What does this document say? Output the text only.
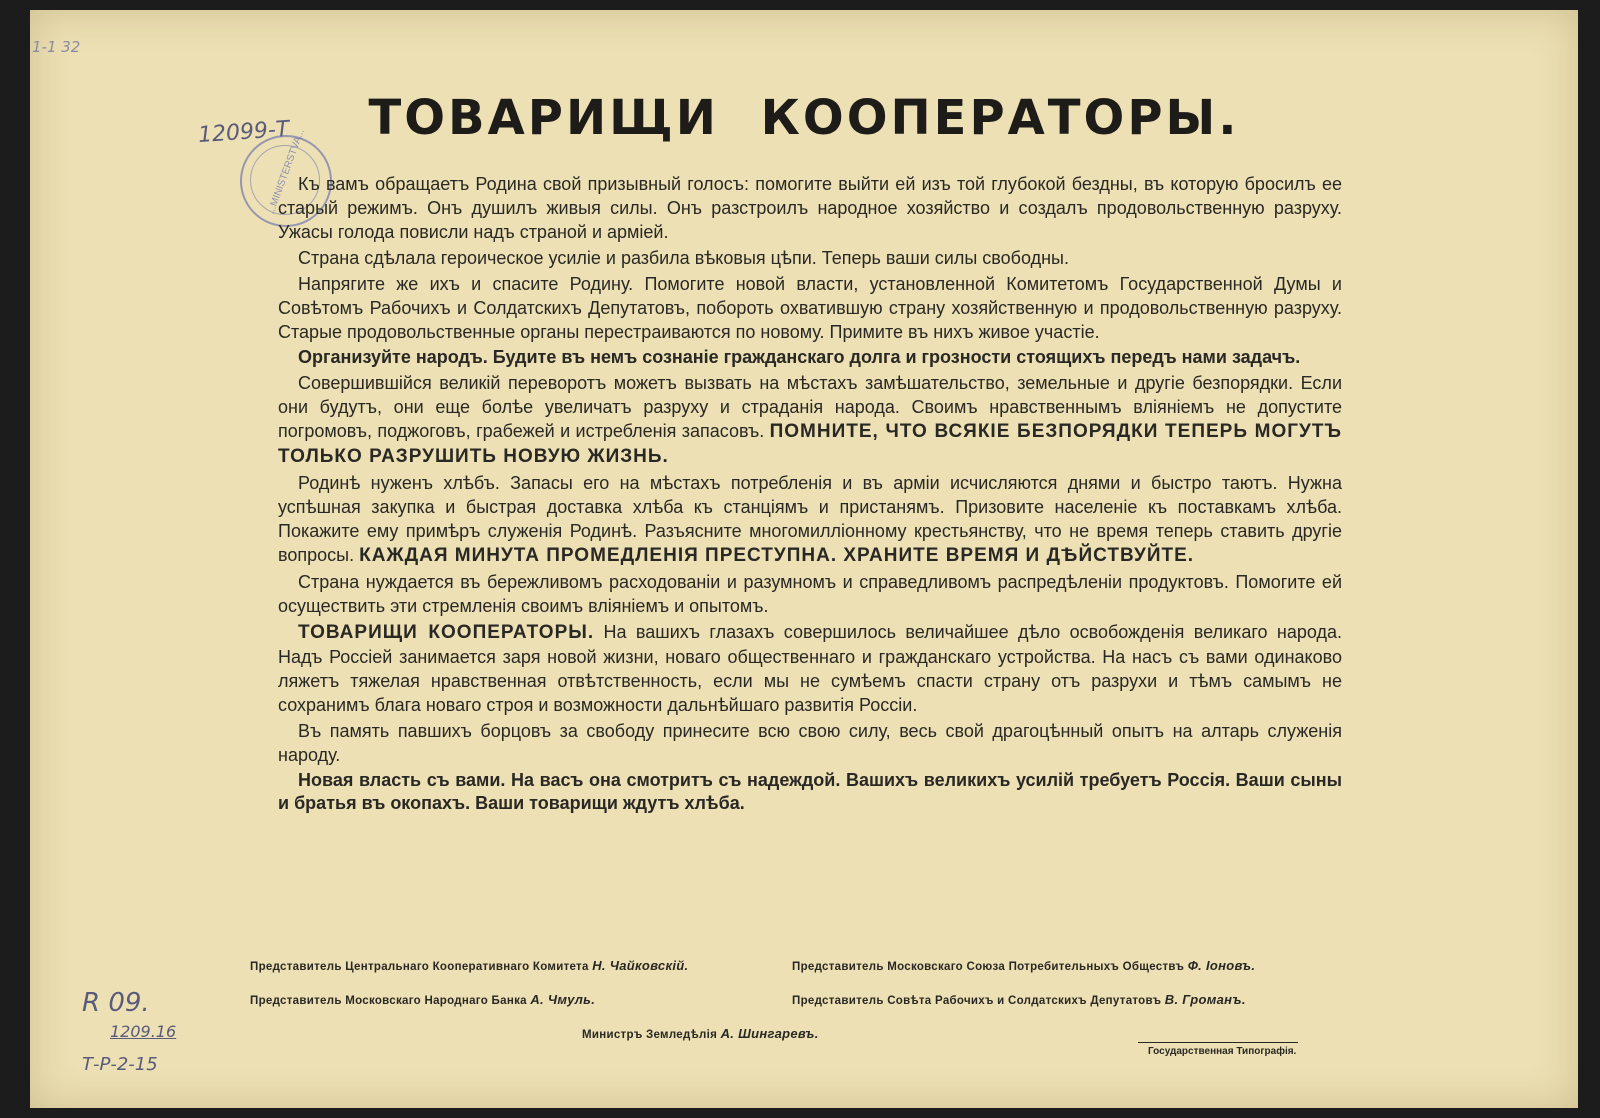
1-1 32
12099-Т
...MINISTERSTVA...
ТОВАРИЩИ КООПЕРАТОРЫ.

Къ вамъ обращаетъ Родина свой призывный голосъ: помогите выйти ей изъ той глубокой бездны, въ которую бросилъ ее старый режимъ. Онъ душилъ живыя силы. Онъ разстроилъ народное хозяйство и создалъ продовольственную разруху. Ужасы голода повисли надъ страной и арміей.

Страна сдѣлала героическое усиліе и разбила вѣковыя цѣпи. Теперь ваши силы свободны.

Напрягите же ихъ и спасите Родину. Помогите новой власти, установленной Комитетомъ Государственной Думы и Совѣтомъ Рабочихъ и Солдатскихъ Депутатовъ, побороть охватившую страну хозяйственную и продовольственную разруху. Старые продовольственные органы перестраиваются по новому. Примите въ нихъ живое участіе.

Организуйте народъ. Будите въ немъ сознаніе гражданскаго долга и грозности стоящихъ передъ нами задачъ.

Совершившійся великій переворотъ можетъ вызвать на мѣстахъ замѣшательство, земельные и другіе безпорядки. Если они будутъ, они еще болѣе увеличатъ разруху и страданія народа. Своимъ нравственнымъ вліяніемъ не допустите погромовъ, поджоговъ, грабежей и истребленія запасовъ. ПОМНИТЕ, ЧТО ВСЯКІЕ БЕЗПОРЯДКИ ТЕПЕРЬ МОГУТЪ ТОЛЬКО РАЗРУШИТЬ НОВУЮ ЖИЗНЬ.

Родинѣ нуженъ хлѣбъ. Запасы его на мѣстахъ потребленія и въ арміи исчисляются днями и быстро таютъ. Нужна успѣшная закупка и быстрая доставка хлѣба къ станціямъ и пристанямъ. Призовите населеніе къ поставкамъ хлѣба. Покажите ему примѣръ служенія Родинѣ. Разъясните многомилліонному крестьянству, что не время теперь ставить другіе вопросы. КАЖДАЯ МИНУТА ПРОМЕДЛЕНІЯ ПРЕСТУПНА. ХРАНИТЕ ВРЕМЯ И ДѢЙСТВУЙТЕ.

Страна нуждается въ бережливомъ расходованіи и разумномъ и справедливомъ распредѣленіи продуктовъ. Помогите ей осуществить эти стремленія своимъ вліяніемъ и опытомъ.

ТОВАРИЩИ КООПЕРАТОРЫ. На вашихъ глазахъ совершилось величайшее дѣло освобожденія великаго народа. Надъ Россіей занимается заря новой жизни, новаго общественнаго и гражданскаго устройства. На насъ съ вами одинаково ляжетъ тяжелая нравственная отвѣтственность, если мы не сумѣемъ спасти страну отъ разрухи и тѣмъ самымъ не сохранимъ блага новаго строя и возможности дальнѣйшаго развитія Россіи.

Въ память павшихъ борцовъ за свободу принесите всю свою силу, весь свой драгоцѣнный опытъ на алтарь служенія народу.

Новая власть съ вами. На васъ она смотритъ съ надеждой. Вашихъ великихъ усилій требуетъ Россія. Ваши сыны и братья въ окопахъ. Ваши товарищи ждутъ хлѣба.

Представитель Центральнаго Кооперативнаго Комитета Н. Чайковскій.	Представитель Московскаго Союза Потребительныхъ Обществъ Ф. Іоновъ.
Представитель Московскаго Народнаго Банка А. Чмуль.	Представитель Совѣта Рабочихъ и Солдатскихъ Депутатовъ В. Громанъ.
Министръ Земледѣлія А. Шингаревъ.
Государственная Типографія.
R 09.
1209.16
Т-Р-2-15
